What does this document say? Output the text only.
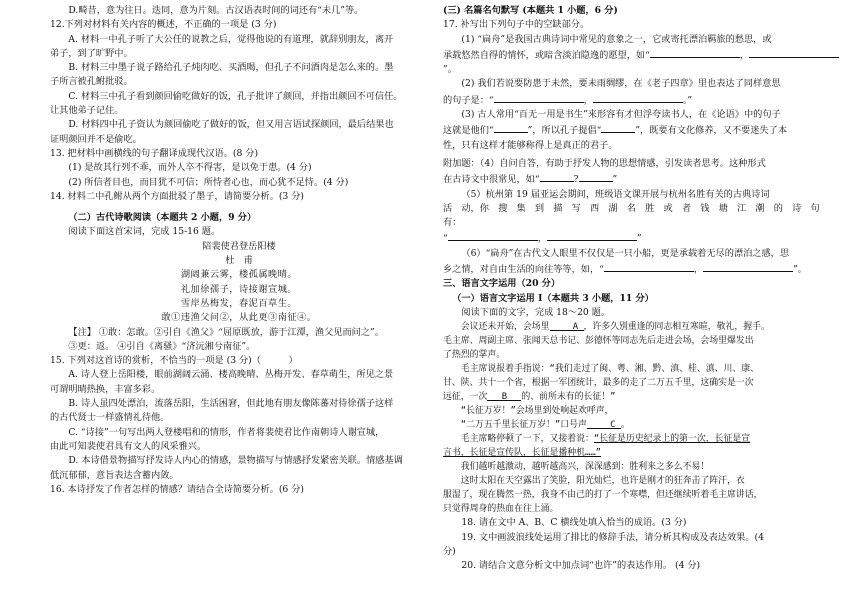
D.畸昔，意为往日。迭同，意为片刻。古汉语表时间的词还有“未几”等。

12.下列对材料有关内容的概述，不正确的一项是 (3 分)

A. 材料一中孔子听了大公任的说教之后，觉得他说的有道理，就辞别朋友，离开

弟子，到了旷野中。

B. 材料三中墨子说子路给孔子炖肉吃、买酒喝，但孔子不问酒肉是怎么来的。墨

子所言被孔鲋批驳。

C. 材料三中孔子看到颜回偷吃做好的饭，孔子批评了颜回，并指出颜回不可信任。

让其他弟子记住。

D. 材料四中孔子资认为颜回偷吃了做好的饭，但又用言语试探颜回，最后结果也

证明颜回并不是偷吃。

13. 把材料中画横线的句子翻译成现代汉语。(8 分)

(1) 是故其行列不乖，而外人卒不得害，是以免于患。(4 分)

(2) 所信者目也，而目犹不可信；所恃者心也，而心犹不足恃。(4 分)

14. 材料二中孔鲋从两个方面批驳了墨子，请简要分析。(3 分)

（二）古代诗歌阅读（本题共 2 小题，9 分）

阅读下面这首宋词，完成 15-16 题。

陪裴使君登岳阳楼

杜　甫

湖阔兼云雾，楼孤属晚晴。

礼加徐孺子，诗接谢宣城。

雪岸丛梅发，春泥百草生。

敢①违渔父问②，从此更③南征④。

【注】 ①敢：怎敢。②引自《渔父》“屈原既放，游于江潭，渔父见而问之”。

③更：返。 ④引自《离骚》“济沅湘兮南征”。

15. 下列对这首诗的赏析，不恰当的一项是 (3 分)（　　　）

A. 诗人登上岳阳楼，眼前湖阔云涌、楼高晚晴、丛梅开发、春草萌生，所见之景

可谓明晴热换，丰富多彩。

B. 诗人虽四处漂泊，流落岳阳，生活困窘，但此地有朋友像陈蕃对待徐孺子这样

的古代贤士一样盛情礼待他。

C. “诗接”一句写出两人登楼唱和的情形，作者将裴使君比作南朝诗人谢宣城，

由此可知裴使君具有文人的风采雅兴。

D. 本诗借景物描写抒发诗人内心的情感，景物描写与情感抒发紧密关联。情感基调

低沉郁郁，意旨表达含蓄内敛。

16. 本诗抒发了作者怎样的情感？请结合全诗简要分析。(6 分)

(三) 名篇名句默写 (本题共 1 小题，6 分)

17. 补写出下列句子中的空缺部分。

(1) “扁舟”是我国古典诗词中常见的意象之一，它或寄托漂泊羁旅的愁思，或

承载悠然自得的情怀，或暗含淡泊隐逸的愿望，如“	，”。

(2) 我们若说要防患于未然，要未雨绸缪，在《老子四章》里也表达了同样意思

的句子是：“	，	。”

(3) 古人常用“百无一用是书生”来形容有才但浮夸读书人，在《论语》中的句子

这就是他们“	”，所以孔子提倡“	”，既要有文化修养，又不要迷失了本

性，只有这样才能够称得上是真正的君子。

附加题：（4）自问自答，有助于抒发人物的思想情感，引发读者思考。这种形式

在古诗文中很常见，如“	?	”

（5）杭州第 19 届亚运会期间，班级语文课开展与杭州名胜有关的古典诗词

活　动，你　搜　集　到　描　写　西　湖　名　胜　或　者　钱　塘　江　潮　的　诗　句　有：

“	，	”

（6）“扁舟”在古代文人眼里不仅仅是一只小船，更是承载着无尽的漂泊之感，思

乡之情，对自由生活的向往等等，如，“	，	”。

三、语言文字运用（20 分）

（一）语言文字运用 Ⅰ（本题共 3 小题，11 分）

阅读下面的文字，完成 18～20 题。

会议还未开始，会场里	A ，许多久别重逢的同志相互寒暄，敬礼，握手。

毛主席、周副主席、张闻天总书记、彭德怀等同志先后走进会场，会场里爆发出

了热烈的掌声。

毛主席说报着手指说：“我们走过了闽、粤、湘、黔、滇、桂、滇、川、康、

甘、陕、共十一个省，根据一军团统计，最多的走了二万五千里，这确实是一次

远征，一次 B 的、前所未有的长征！”

“长征万岁！”会场里到处响起欢呼声，

“二万五千里长征万岁！”口号声	C 。

毛主席略停顿了一下，又接着说：“长征是历史纪录上的第一次，长征是宣

言书，长征是宣传队，长征是播种机……”

我们越听越激动，越听越高兴，深深感到：胜利来之多么不易！

这时太阳在天空露出了笑脸，阳光灿烂，也许是刚才的狂奔击了阵汗，衣

服湿了，现在腾然一热，我身不由己的打了一个寒噤，但还继续听着毛主席讲话，

只觉得周身的热血在往上涌。

18. 请在文中 A、B、C 横线处填入恰当的成语。(3 分)

19. 文中画波浪线处运用了排比的修辞手法，请分析其构成及表达效果。(4

分)

20. 请结合文意分析文中加点词“也许”的表达作用。 (4 分)
